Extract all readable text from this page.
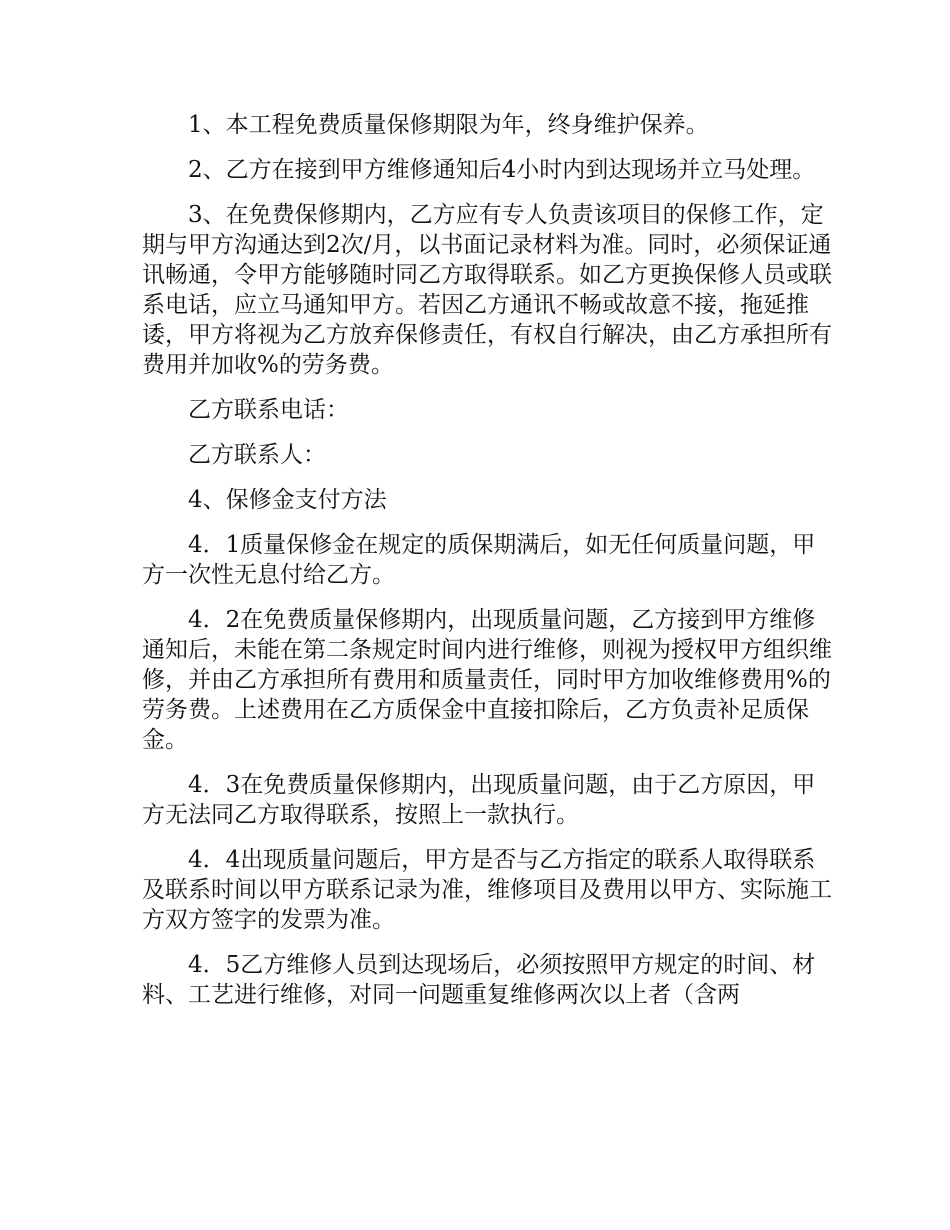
1、本工程免费质量保修期限为年，终身维护保养。

2、乙方在接到甲方维修通知后4小时内到达现场并立马处理。

3、在免费保修期内，乙方应有专人负责该项目的保修工作，定期与甲方沟通达到2次/月，以书面记录材料为准。同时，必须保证通讯畅通，令甲方能够随时同乙方取得联系。如乙方更换保修人员或联系电话，应立马通知甲方。若因乙方通讯不畅或故意不接，拖延推诿，甲方将视为乙方放弃保修责任，有权自行解决，由乙方承担所有费用并加收%的劳务费。

乙方联系电话：

乙方联系人：

4、保修金支付方法

4．1质量保修金在规定的质保期满后，如无任何质量问题，甲方一次性无息付给乙方。

4．2在免费质量保修期内，出现质量问题，乙方接到甲方维修通知后，未能在第二条规定时间内进行维修，则视为授权甲方组织维修，并由乙方承担所有费用和质量责任，同时甲方加收维修费用%的劳务费。上述费用在乙方质保金中直接扣除后，乙方负责补足质保金。

4．3在免费质量保修期内，出现质量问题，由于乙方原因，甲方无法同乙方取得联系，按照上一款执行。

4．4出现质量问题后，甲方是否与乙方指定的联系人取得联系及联系时间以甲方联系记录为准，维修项目及费用以甲方、实际施工方双方签字的发票为准。

4．5乙方维修人员到达现场后，必须按照甲方规定的时间、材料、工艺进行维修，对同一问题重复维修两次以上者（含两
